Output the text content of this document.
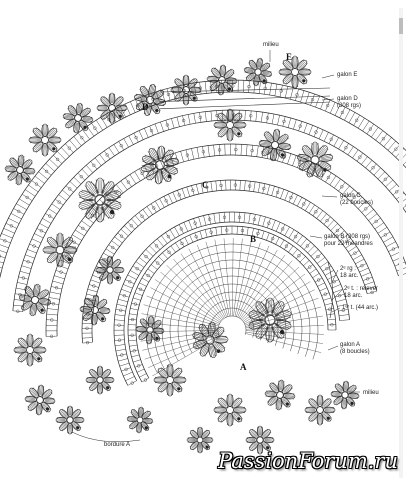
E
D
C
B
A
milieu
galon E
galon D
(308 rgs)
galon C
(22 boucles)
galon B (308 rgs)
pour 22 méandres
2ᵉ rg :
18 arc.
2ᵉ t. : relever
18 arc.
1ᵉʳ t. (44 arc.)
galon A
(8 boucles)
milieu
bordure A
PassionForum.ru
